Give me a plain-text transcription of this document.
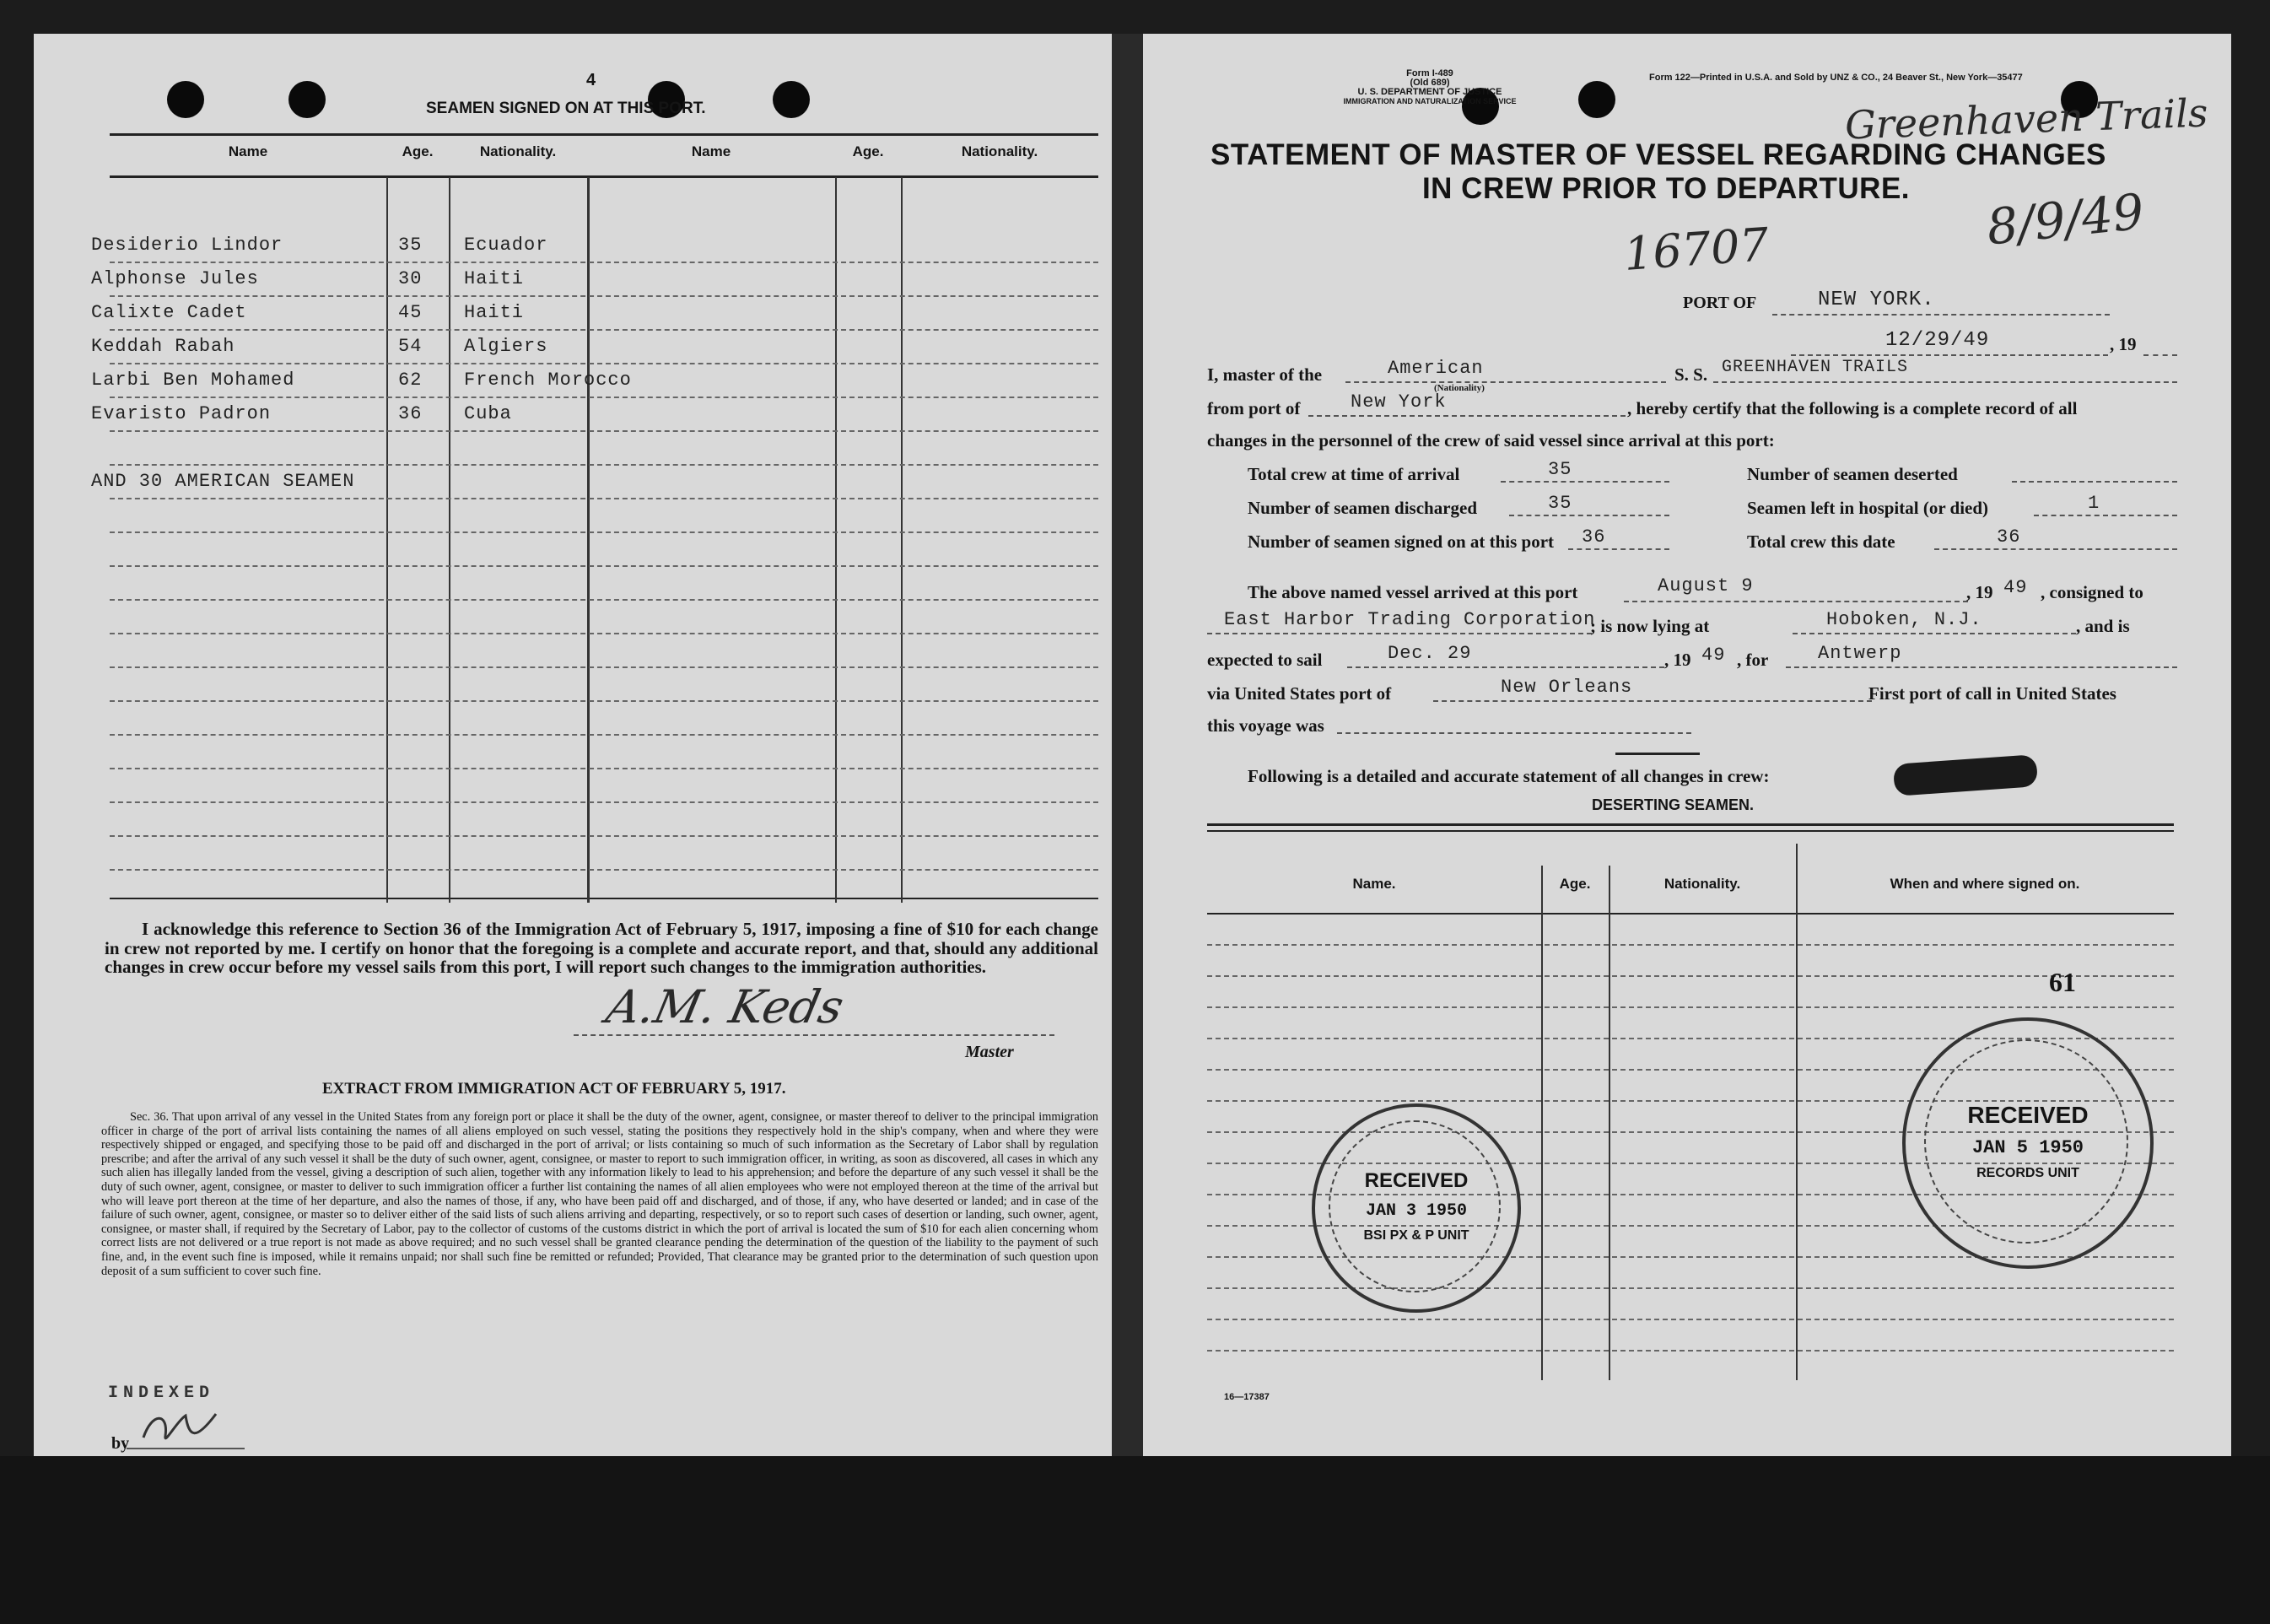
4
SEAMEN SIGNED ON AT THIS PORT.
Name	Age.	Nationality.	Name	Age.	Nationality.
Desiderio Lindor	35 Ecuador
Alphonse Jules	30 Haiti
Calixte Cadet	45 Haiti
Keddah Rabah	54 Algiers
Larbi Ben Mohamed	62 French Morocco
Evaristo Padron	36 Cuba
AND 30 AMERICAN SEAMEN
I acknowledge this reference to Section 36 of the Immigration Act of February 5, 1917, imposing a fine of $10 for each change in crew not reported by me. I certify on honor that the foregoing is a complete and accurate report, and that, should any additional changes in crew occur before my vessel sails from this port, I will report such changes to the immigration authorities.
A.M. Keds
Master
EXTRACT FROM IMMIGRATION ACT OF FEBRUARY 5, 1917.
Sec. 36. That upon arrival of any vessel in the United States from any foreign port or place it shall be the duty of the owner, agent, consignee, or master thereof to deliver to the principal immigration officer in charge of the port of arrival lists containing the names of all aliens employed on such vessel, stating the positions they respectively hold in the ship's company, when and where they were respectively shipped or engaged, and specifying those to be paid off and discharged in the port of arrival; or lists containing so much of such information as the Secretary of Labor shall by regulation prescribe; and after the arrival of any such vessel it shall be the duty of such owner, agent, consignee, or master to report to such immigration officer, in writing, as soon as discovered, all cases in which any such alien has illegally landed from the vessel, giving a description of such alien, together with any information likely to lead to his apprehension; and before the departure of any such vessel it shall be the duty of such owner, agent, consignee, or master to deliver to such immigration officer a further list containing the names of all alien employees who were not employed thereon at the time of the arrival but who will leave port thereon at the time of her departure, and also the names of those, if any, who have been paid off and discharged, and of those, if any, who have deserted or landed; and in case of the failure of such owner, agent, consignee, or master so to deliver either of the said lists of such aliens arriving and departing, respectively, or so to report such cases of desertion or landing, such owner, agent, consignee, or master shall, if required by the Secretary of Labor, pay to the collector of customs of the customs district in which the port of arrival is located the sum of $10 for each alien concerning whom correct lists are not delivered or a true report is not made as above required; and no such vessel shall be granted clearance pending the determination of the question of the liability to the payment of such fine, and, in the event such fine is imposed, while it remains unpaid; nor shall such fine be remitted or refunded; Provided, That clearance may be granted prior to the determination of such question upon deposit of a sum sufficient to cover such fine.
INDEXED
by
Form I-489
(Old 689)
U. S. DEPARTMENT OF JUSTICE
IMMIGRATION AND NATURALIZATION SERVICE
Form 122—Printed in U.S.A. and Sold by UNZ & CO., 24 Beaver St., New York—35477
Greenhaven Trails
8/9/49
STATEMENT OF MASTER OF VESSEL REGARDING CHANGES
IN CREW PRIOR TO DEPARTURE.
16707
PORT OF	NEW YORK.
12/29/49	, 19
I, master of the	American
(Nationality)
S. S. GREENHAVEN TRAILS
from port of	New York	, hereby certify that the following is a complete record of all
changes in the personnel of the crew of said vessel since arrival at this port:
Total crew at time of arrival	35	Number of seamen deserted
Number of seamen discharged	35	Seamen left in hospital (or died)	1
Number of seamen signed on at this port 36	Total crew this date	36
The above named vessel arrived at this port	August 9	, 19 49 , consigned to
East Harbor Trading Corporation
; is now lying at	Hoboken, N.J.	, and is
expected to sail	Dec. 29	, 19 49 , for	Antwerp
via United States port of	New Orleans	First port of call in United States
this voyage was
Following is a detailed and accurate statement of all changes in crew:
DESERTING SEAMEN.
Name.	Age.	Nationality.	When and where signed on.
61
RECEIVED
JAN 3 1950
BSI PX & P UNIT
RECEIVED
JAN 5 1950
RECORDS UNIT
16—17387
